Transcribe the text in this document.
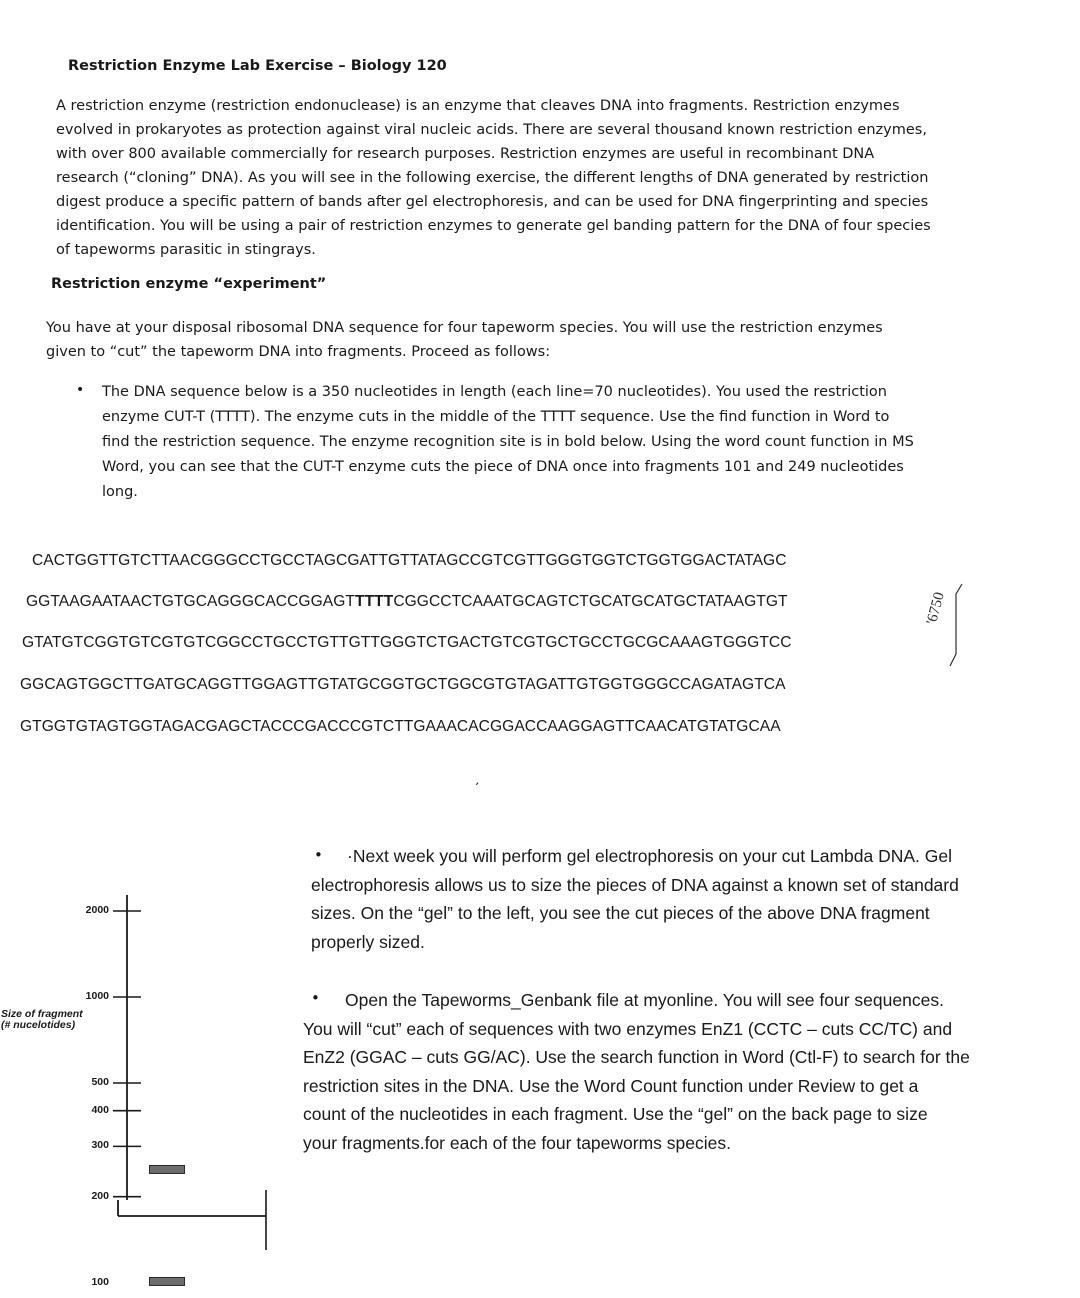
Restriction Enzyme Lab Exercise – Biology 120
A restriction enzyme (restriction endonuclease) is an enzyme that cleaves DNA into fragments. Restriction enzymes
evolved in prokaryotes as protection against viral nucleic acids. There are several thousand known restriction enzymes,
with over 800 available commercially for research purposes. Restriction enzymes are useful in recombinant DNA
research (“cloning” DNA). As you will see in the following exercise, the different lengths of DNA generated by restriction
digest produce a specific pattern of bands after gel electrophoresis, and can be used for DNA fingerprinting and species
identification. You will be using a pair of restriction enzymes to generate gel banding pattern for the DNA of four species
of tapeworms parasitic in stingrays.
Restriction enzyme “experiment”
You have at your disposal ribosomal DNA sequence for four tapeworm species. You will use the restriction enzymes
given to “cut” the tapeworm DNA into fragments. Proceed as follows:
• The DNA sequence below is a 350 nucleotides in length (each line=70 nucleotides). You used the restriction
enzyme CUT-T (TTTT). The enzyme cuts in the middle of the TTTT sequence. Use the find function in Word to
find the restriction sequence. The enzyme recognition site is in bold below. Using the word count function in MS
Word, you can see that the CUT-T enzyme cuts the piece of DNA once into fragments 101 and 249 nucleotides
long.
CACTGGTTGTCTTAACGGGCCTGCCTAGCGATTGTTATAGCCGTCGTTGGGTGGTCTGGTGGACTATAGC
GGTAAGAATAACTGTGCAGGGCACCGGAGTTTTTCGGCCTCAAATGCAGTCTGCATGCATGCTATAAGTGT
GTATGTCGGTGTCGTGTCGGCCTGCCTGTTGTTGGGTCTGACTGTCGTGCTGCCTGCGCAAAGTGGGTCC
GGCAGTGGCTTGATGCAGGTTGGAGTTGTATGCGGTGCTGGCGTGTAGATTGTGGTGGGCCAGATAGTCA
GTGGTGTAGTGGTAGACGAGCTACCCGACCCGTCTTGAAACACGGACCAAGGAGTTCAACATGTATGCAA
'6750
’
•	·Next week you will perform gel electrophoresis on your cut Lambda DNA. Gel
electrophoresis allows us to size the pieces of DNA against a known set of standard
sizes. On the “gel” to the left, you see the cut pieces of the above DNA fragment
properly sized.
•	Open the Tapeworms_Genbank file at myonline. You will see four sequences.
You will “cut” each of sequences with two enzymes EnZ1 (CCTC – cuts CC/TC) and
EnZ2 (GGAC – cuts GG/AC). Use the search function in Word (Ctl-F) to search for the
restriction sites in the DNA. Use the Word Count function under Review to get a
count of the nucleotides in each fragment. Use the “gel” on the back page to size
your fragments.for each of the four tapeworms species.
Size of fragment
(# nucelotides)
2000
1000
500
400
300
200
100
